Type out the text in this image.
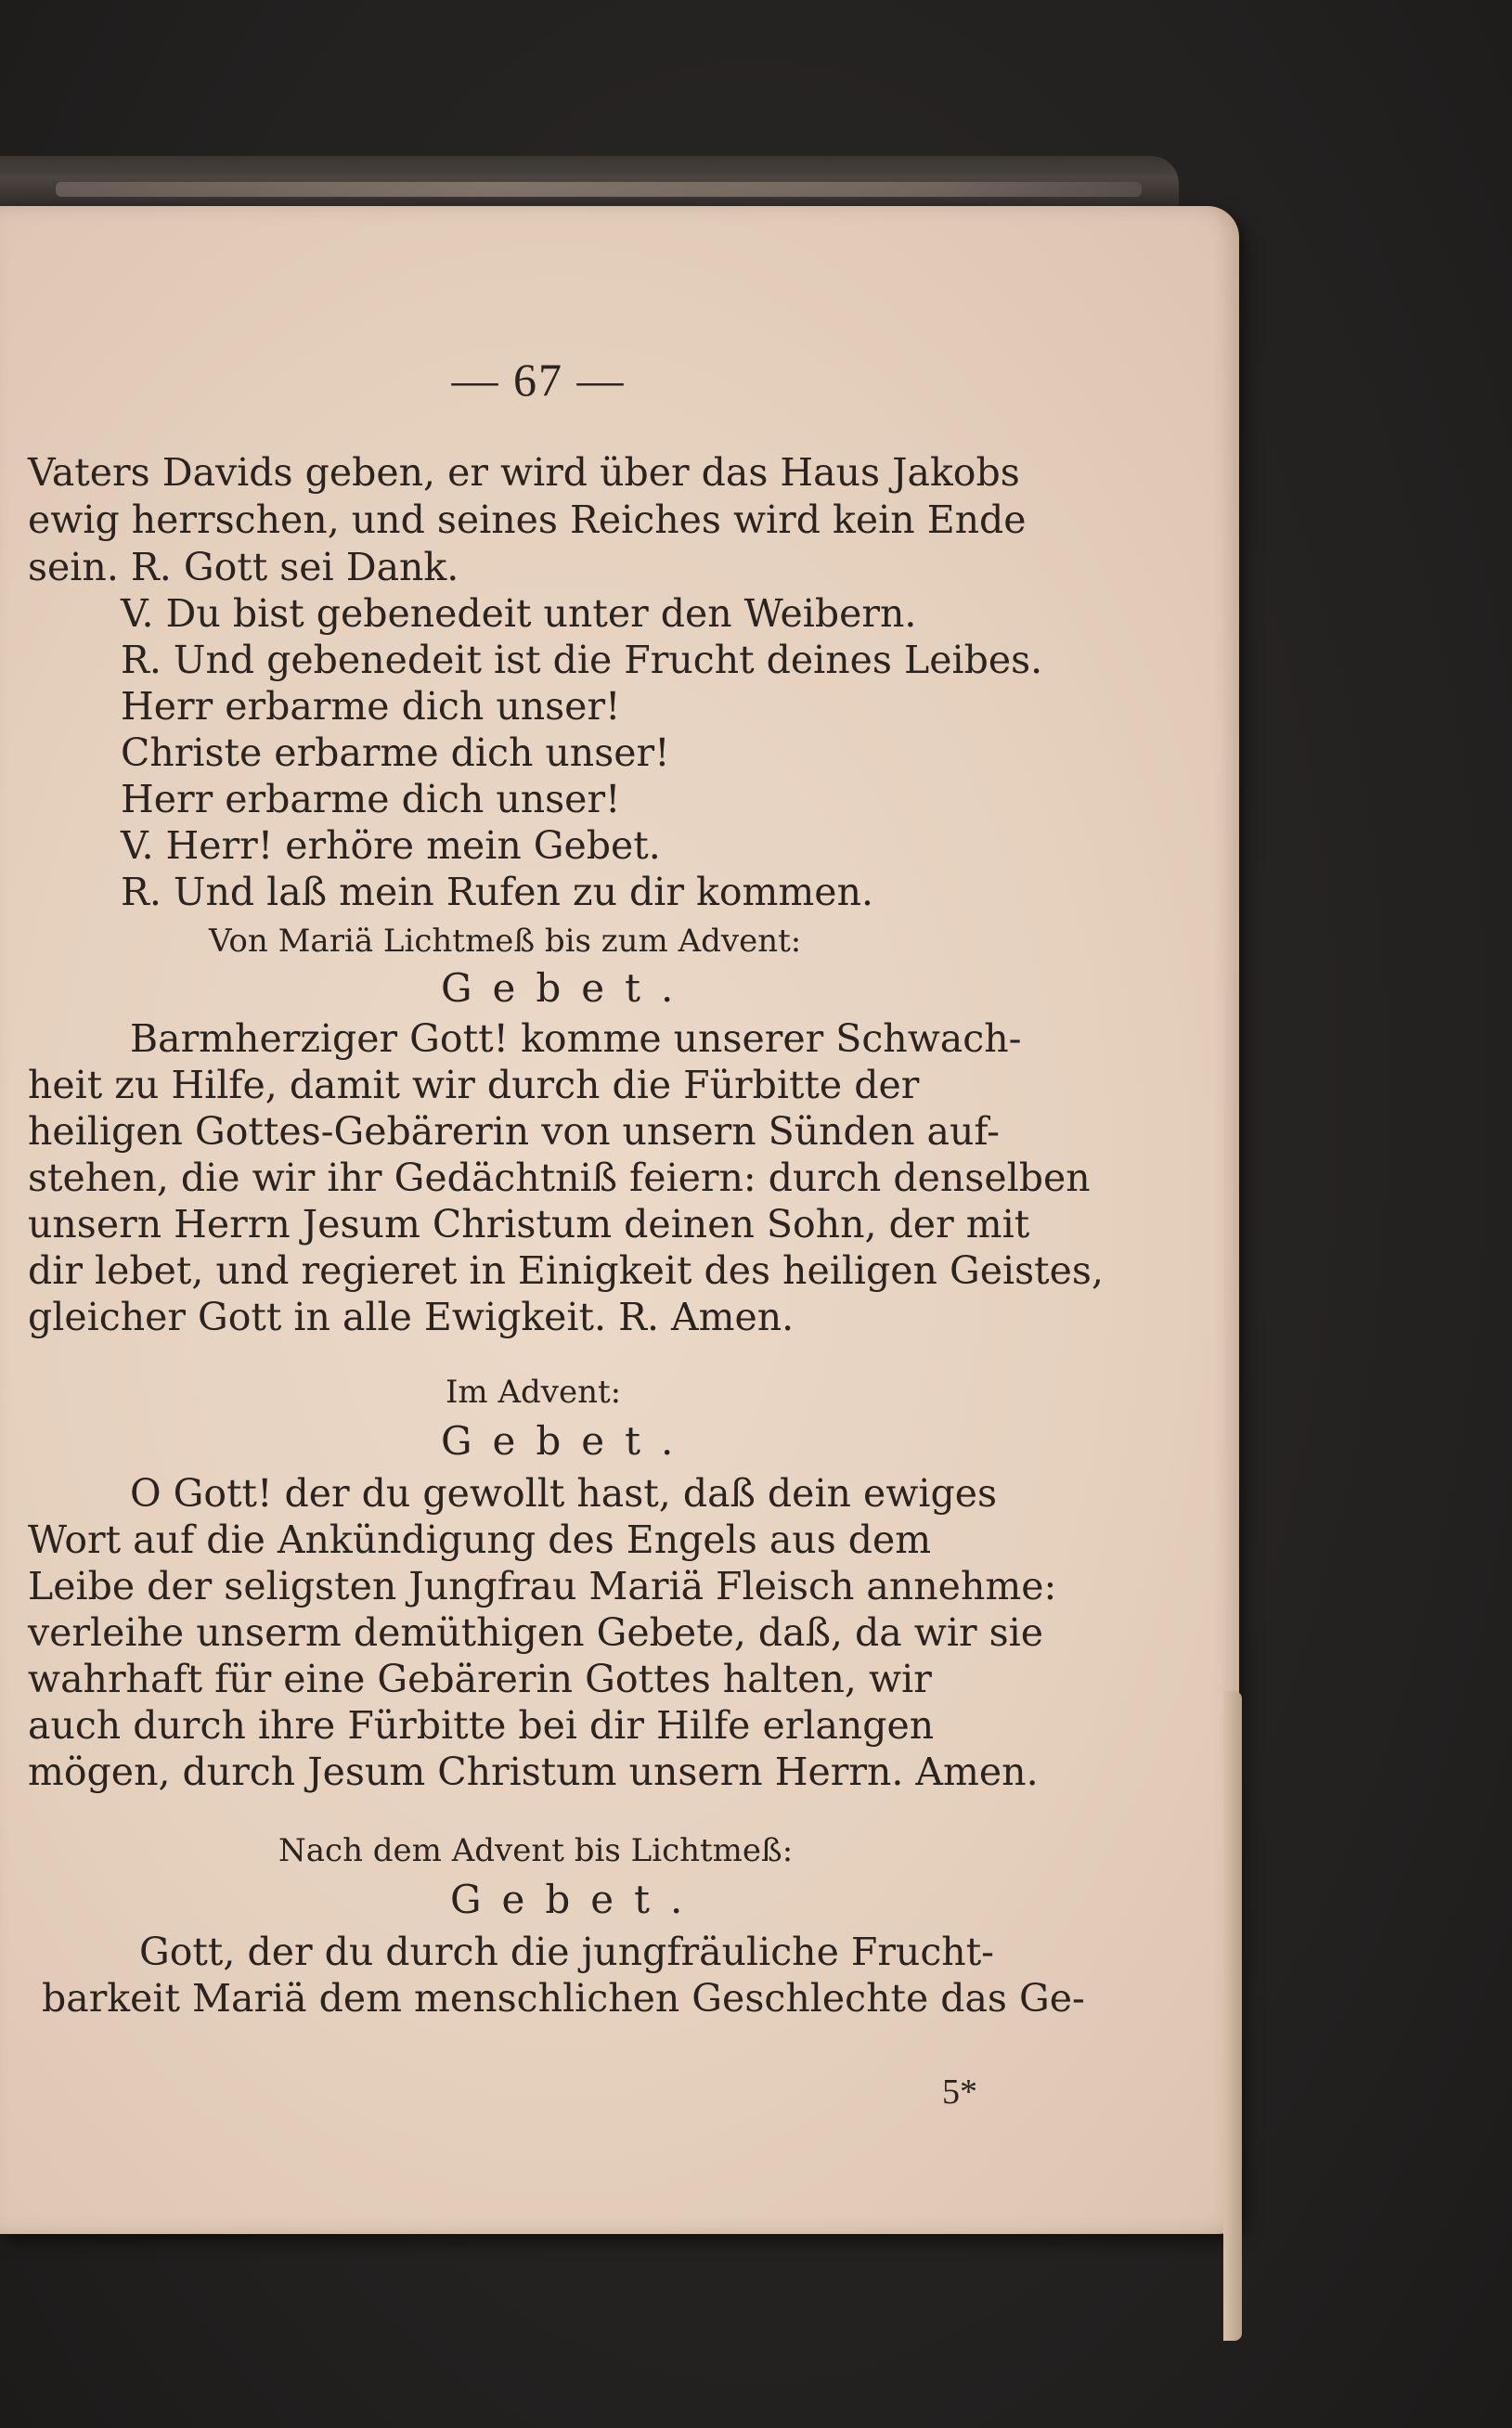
— 67 —
Vaters Davids geben, er wird über das Haus Jakobs
ewig herrschen, und seines Reiches wird kein Ende
sein. R. Gott sei Dank.
V. Du bist gebenedeit unter den Weibern.
R. Und gebenedeit ist die Frucht deines Leibes.
Herr erbarme dich unser!
Christe erbarme dich unser!
Herr erbarme dich unser!
V. Herr! erhöre mein Gebet.
R. Und laß mein Rufen zu dir kommen.
Von Mariä Lichtmeß bis zum Advent:
Gebet.
Barmherziger Gott! komme unserer Schwach-
heit zu Hilfe, damit wir durch die Fürbitte der
heiligen Gottes-Gebärerin von unsern Sünden auf-
stehen, die wir ihr Gedächtniß feiern: durch denselben
unsern Herrn Jesum Christum deinen Sohn, der mit
dir lebet, und regieret in Einigkeit des heiligen Geistes,
gleicher Gott in alle Ewigkeit. R. Amen.
Im Advent:
Gebet.
O Gott! der du gewollt hast, daß dein ewiges
Wort auf die Ankündigung des Engels aus dem
Leibe der seligsten Jungfrau Mariä Fleisch annehme:
verleihe unserm demüthigen Gebete, daß, da wir sie
wahrhaft für eine Gebärerin Gottes halten, wir
auch durch ihre Fürbitte bei dir Hilfe erlangen
mögen, durch Jesum Christum unsern Herrn. Amen.
Nach dem Advent bis Lichtmeß:
Gebet.
Gott, der du durch die jungfräuliche Frucht-
barkeit Mariä dem menschlichen Geschlechte das Ge-
5*
